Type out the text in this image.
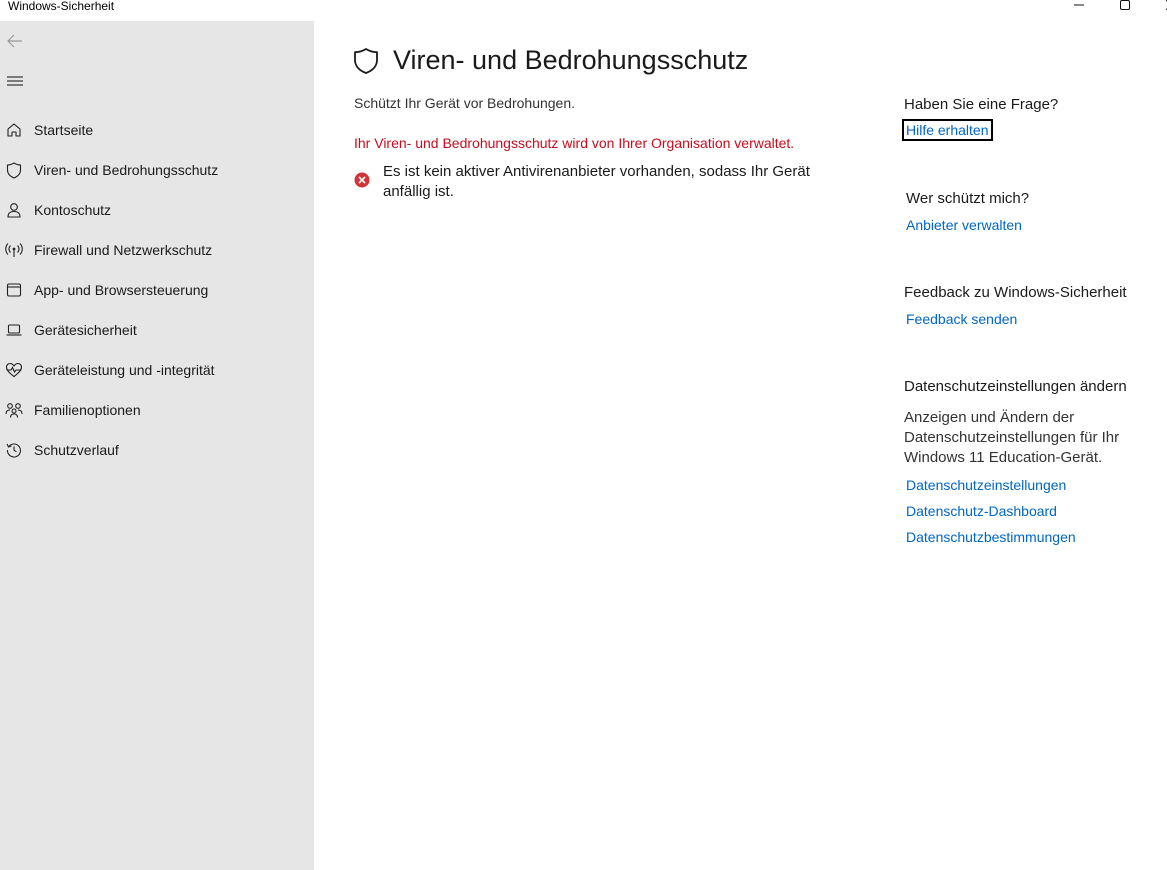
Windows-Sicherheit
Startseite
Viren- und Bedrohungsschutz
Kontoschutz
Firewall und Netzwerkschutz
App- und Browsersteuerung
Gerätesicherheit
Geräteleistung und -integrität
Familienoptionen
Schutzverlauf
Viren- und Bedrohungsschutz
Schützt Ihr Gerät vor Bedrohungen.
Ihr Viren- und Bedrohungsschutz wird von Ihrer Organisation verwaltet.
Es ist kein aktiver Antivirenanbieter vorhanden, sodass Ihr Gerät anfällig ist.
Haben Sie eine Frage?
Hilfe erhalten
Wer schützt mich?
Anbieter verwalten
Feedback zu Windows-Sicherheit
Feedback senden
Datenschutzeinstellungen ändern
Anzeigen und Ändern der Datenschutzeinstellungen für Ihr Windows 11 Education-Gerät.
Datenschutzeinstellungen
Datenschutz-Dashboard
Datenschutzbestimmungen
